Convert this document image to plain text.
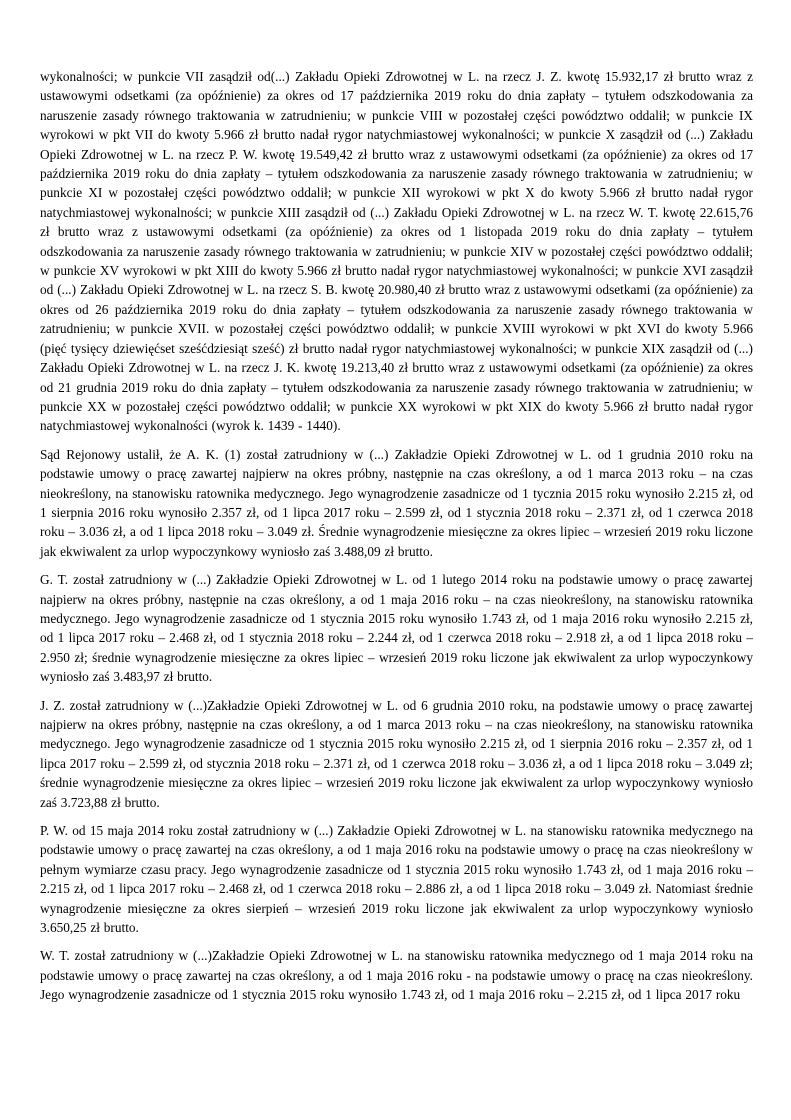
wykonalności; w punkcie VII zasądził od(...) Zakładu Opieki Zdrowotnej w L. na rzecz J. Z. kwotę 15.932,17 zł brutto wraz z ustawowymi odsetkami (za opóźnienie) za okres od 17 października 2019 roku do dnia zapłaty – tytułem odszkodowania za naruszenie zasady równego traktowania w zatrudnieniu; w punkcie VIII w pozostałej części powództwo oddalił; w punkcie IX wyrokowi w pkt VII do kwoty 5.966 zł brutto nadał rygor natychmiastowej wykonalności; w punkcie X zasądził od (...) Zakładu Opieki Zdrowotnej w L. na rzecz P. W. kwotę 19.549,42 zł brutto wraz z ustawowymi odsetkami (za opóźnienie) za okres od 17 października 2019 roku do dnia zapłaty – tytułem odszkodowania za naruszenie zasady równego traktowania w zatrudnieniu; w punkcie XI w pozostałej części powództwo oddalił; w punkcie XII wyrokowi w pkt X do kwoty 5.966 zł brutto nadał rygor natychmiastowej wykonalności; w punkcie XIII zasądził od (...) Zakładu Opieki Zdrowotnej w L. na rzecz W. T. kwotę 22.615,76 zł brutto wraz z ustawowymi odsetkami (za opóźnienie) za okres od 1 listopada 2019 roku do dnia zapłaty – tytułem odszkodowania za naruszenie zasady równego traktowania w zatrudnieniu; w punkcie XIV w pozostałej części powództwo oddalił; w punkcie XV wyrokowi w pkt XIII do kwoty 5.966 zł brutto nadał rygor natychmiastowej wykonalności; w punkcie XVI zasądził od (...) Zakładu Opieki Zdrowotnej w L. na rzecz S. B. kwotę 20.980,40 zł brutto wraz z ustawowymi odsetkami (za opóźnienie) za okres od 26 października 2019 roku do dnia zapłaty – tytułem odszkodowania za naruszenie zasady równego traktowania w zatrudnieniu; w punkcie XVII. w pozostałej części powództwo oddalił; w punkcie XVIII wyrokowi w pkt XVI do kwoty 5.966 (pięć tysięcy dziewięćset sześćdziesiąt sześć) zł brutto nadał rygor natychmiastowej wykonalności; w punkcie XIX zasądził od (...) Zakładu Opieki Zdrowotnej w L. na rzecz J. K. kwotę 19.213,40 zł brutto wraz z ustawowymi odsetkami (za opóźnienie) za okres od 21 grudnia 2019 roku do dnia zapłaty – tytułem odszkodowania za naruszenie zasady równego traktowania w zatrudnieniu; w punkcie XX w pozostałej części powództwo oddalił; w punkcie XX wyrokowi w pkt XIX do kwoty 5.966 zł brutto nadał rygor natychmiastowej wykonalności (wyrok k. 1439 - 1440).

Sąd Rejonowy ustalił, że A. K. (1) został zatrudniony w (...) Zakładzie Opieki Zdrowotnej w L. od 1 grudnia 2010 roku na podstawie umowy o pracę zawartej najpierw na okres próbny, następnie na czas określony, a od 1 marca 2013 roku – na czas nieokreślony, na stanowisku ratownika medycznego. Jego wynagrodzenie zasadnicze od 1 tycznia 2015 roku wynosiło 2.215 zł, od 1 sierpnia 2016 roku wynosiło 2.357 zł, od 1 lipca 2017 roku – 2.599 zł, od 1 stycznia 2018 roku – 2.371 zł, od 1 czerwca 2018 roku – 3.036 zł, a od 1 lipca 2018 roku – 3.049 zł. Średnie wynagrodzenie miesięczne za okres lipiec – wrzesień 2019 roku liczone jak ekwiwalent za urlop wypoczynkowy wyniosło zaś 3.488,09 zł brutto.

G. T. został zatrudniony w (...) Zakładzie Opieki Zdrowotnej w L. od 1 lutego 2014 roku na podstawie umowy o pracę zawartej najpierw na okres próbny, następnie na czas określony, a od 1 maja 2016 roku – na czas nieokreślony, na stanowisku ratownika medycznego. Jego wynagrodzenie zasadnicze od 1 stycznia 2015 roku wynosiło 1.743 zł, od 1 maja 2016 roku wynosiło 2.215 zł, od 1 lipca 2017 roku – 2.468 zł, od 1 stycznia 2018 roku – 2.244 zł, od 1 czerwca 2018 roku – 2.918 zł, a od 1 lipca 2018 roku – 2.950 zł; średnie wynagrodzenie miesięczne za okres lipiec – wrzesień 2019 roku liczone jak ekwiwalent za urlop wypoczynkowy wyniosło zaś 3.483,97 zł brutto.

J. Z. został zatrudniony w (...)Zakładzie Opieki Zdrowotnej w L. od 6 grudnia 2010 roku, na podstawie umowy o pracę zawartej najpierw na okres próbny, następnie na czas określony, a od 1 marca 2013 roku – na czas nieokreślony, na stanowisku ratownika medycznego. Jego wynagrodzenie zasadnicze od 1 stycznia 2015 roku wynosiło 2.215 zł, od 1 sierpnia 2016 roku – 2.357 zł, od 1 lipca 2017 roku – 2.599 zł, od stycznia 2018 roku – 2.371 zł, od 1 czerwca 2018 roku – 3.036 zł, a od 1 lipca 2018 roku – 3.049 zł; średnie wynagrodzenie miesięczne za okres lipiec – wrzesień 2019 roku liczone jak ekwiwalent za urlop wypoczynkowy wyniosło zaś 3.723,88 zł brutto.

P. W. od 15 maja 2014 roku został zatrudniony w (...) Zakładzie Opieki Zdrowotnej w L. na stanowisku ratownika medycznego na podstawie umowy o pracę zawartej na czas określony, a od 1 maja 2016 roku na podstawie umowy o pracę na czas nieokreślony w pełnym wymiarze czasu pracy. Jego wynagrodzenie zasadnicze od 1 stycznia 2015 roku wynosiło 1.743 zł, od 1 maja 2016 roku – 2.215 zł, od 1 lipca 2017 roku – 2.468 zł, od 1 czerwca 2018 roku – 2.886 zł, a od 1 lipca 2018 roku – 3.049 zł. Natomiast średnie wynagrodzenie miesięczne za okres sierpień – wrzesień 2019 roku liczone jak ekwiwalent za urlop wypoczynkowy wyniosło 3.650,25 zł brutto.

W. T. został zatrudniony w (...)Zakładzie Opieki Zdrowotnej w L. na stanowisku ratownika medycznego od 1 maja 2014 roku na podstawie umowy o pracę zawartej na czas określony, a od 1 maja 2016 roku - na podstawie umowy o pracę na czas nieokreślony. Jego wynagrodzenie zasadnicze od 1 stycznia 2015 roku wynosiło 1.743 zł, od 1 maja 2016 roku – 2.215 zł, od 1 lipca 2017 roku
